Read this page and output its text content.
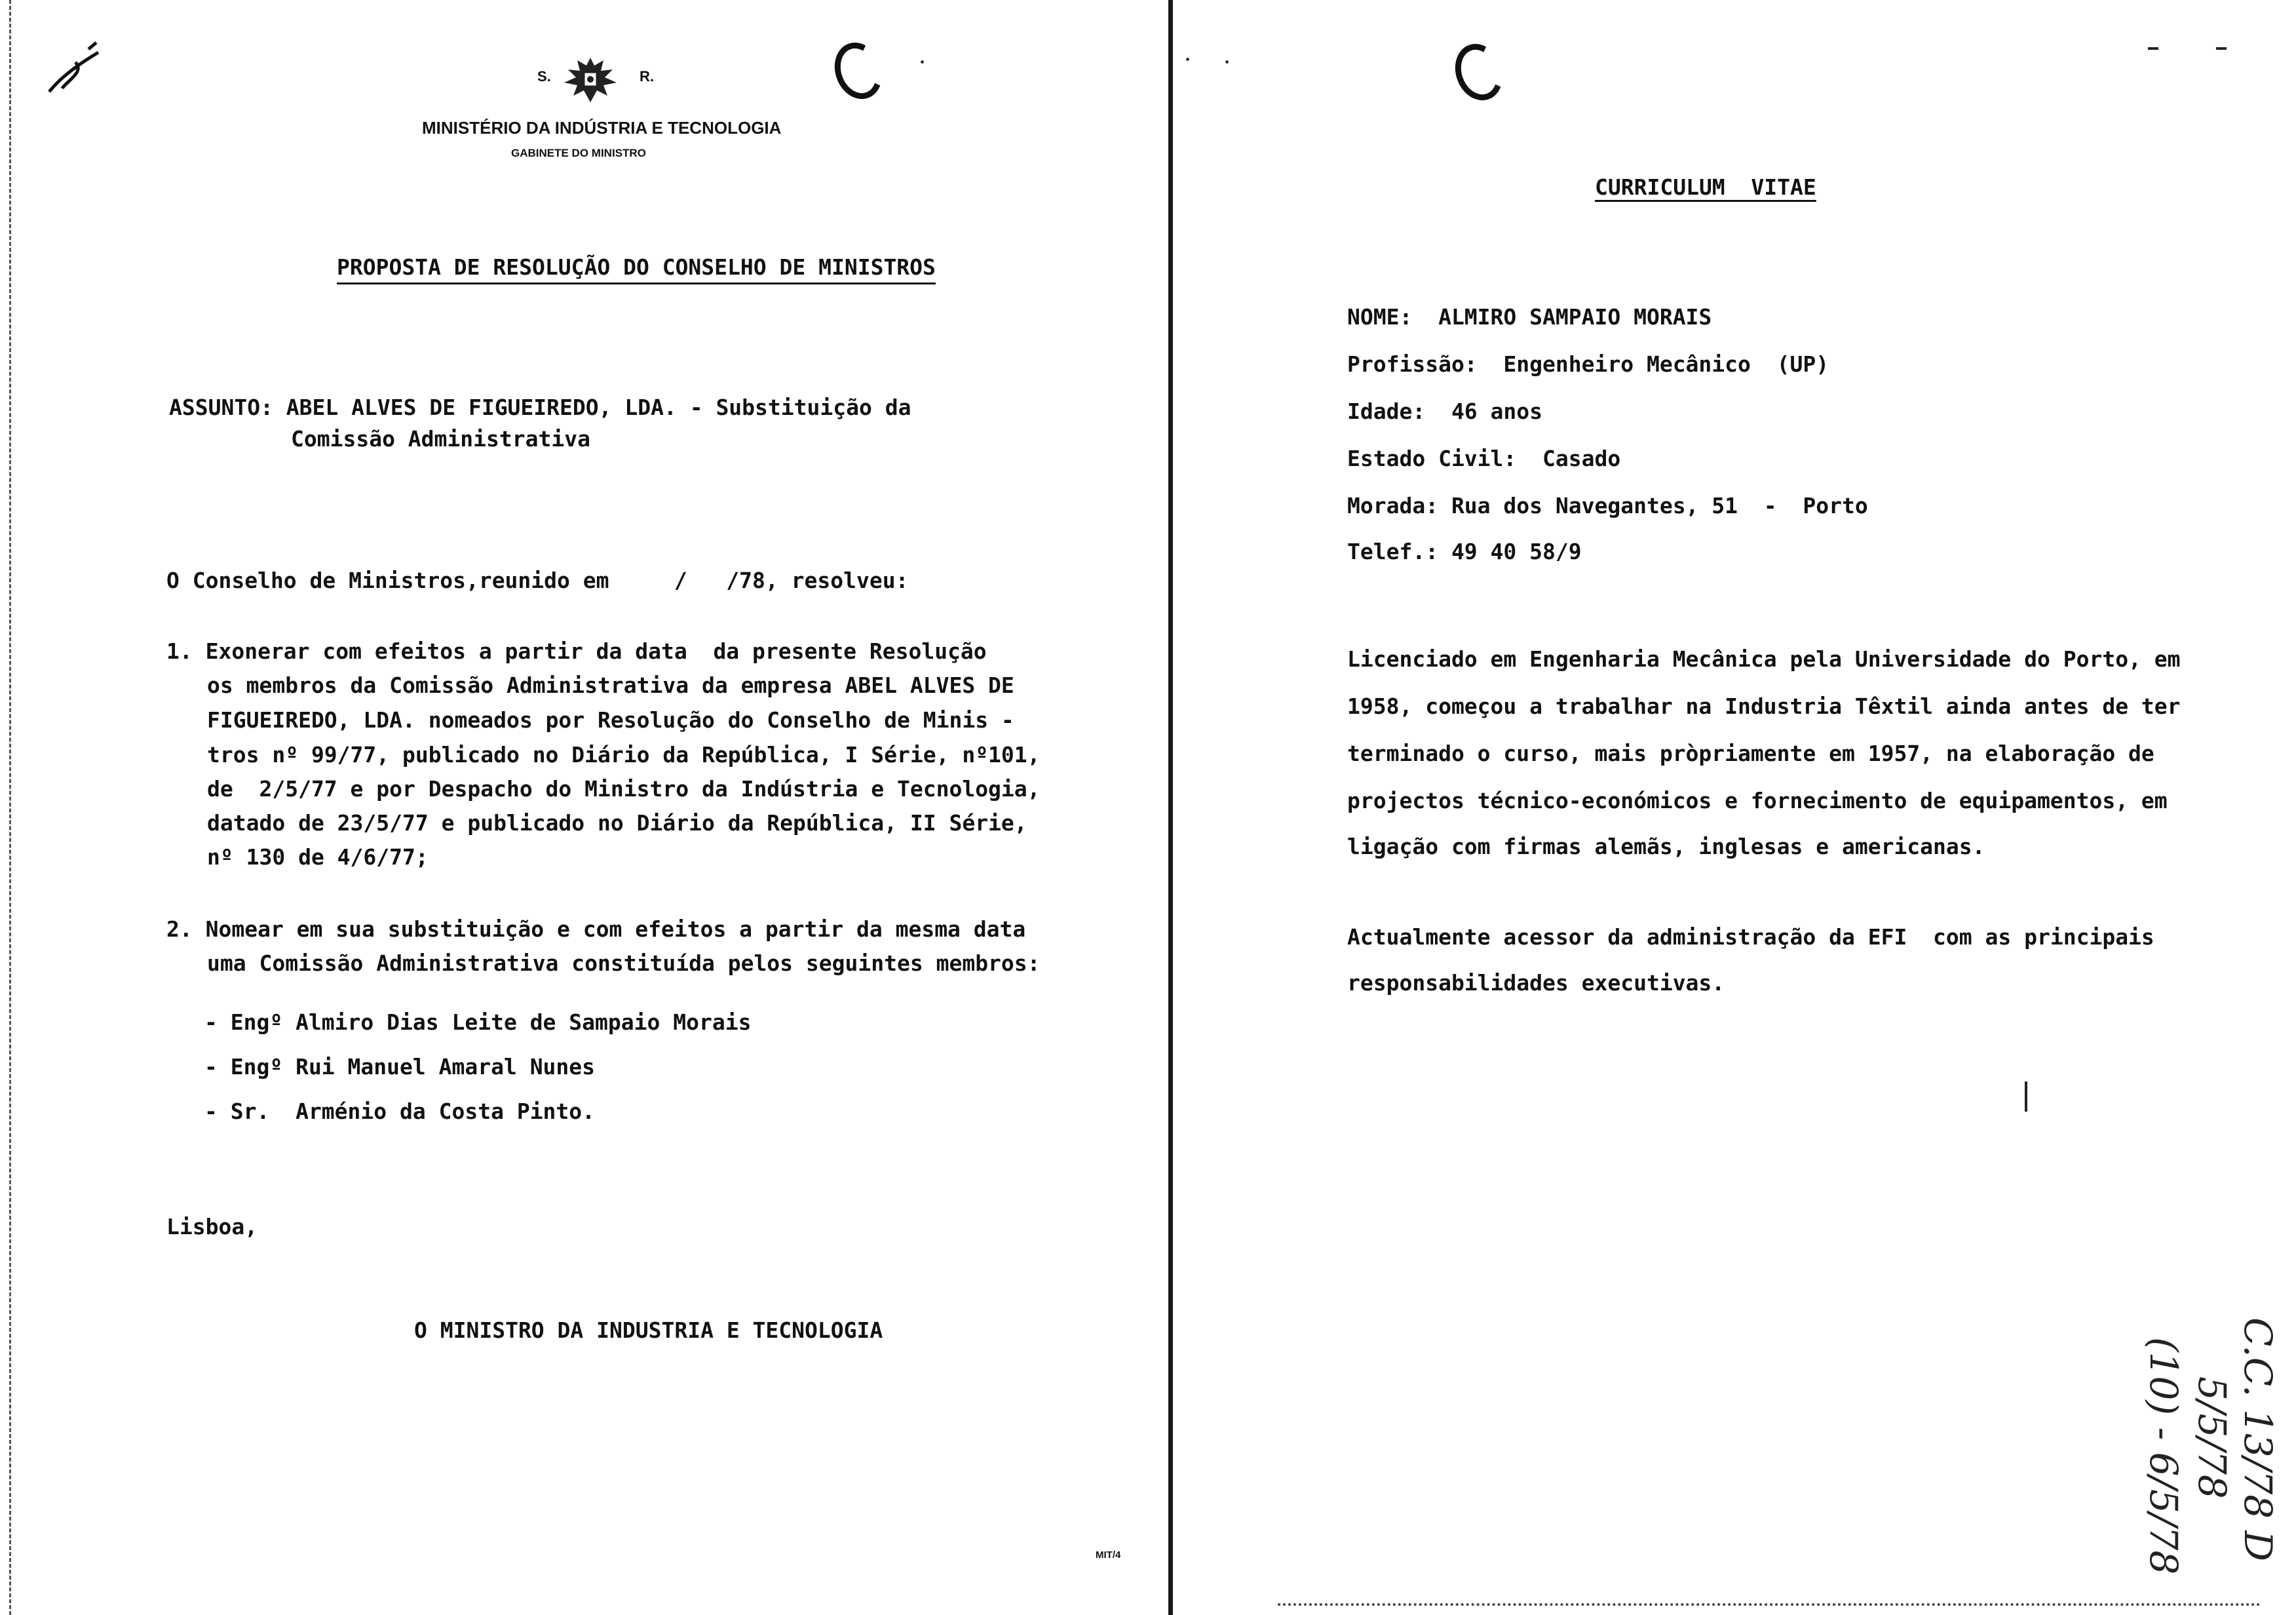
S.	R.
MINISTÉRIO DA INDÚSTRIA E TECNOLOGIA
GABINETE DO MINISTRO
PROPOSTA DE RESOLUÇÃO DO CONSELHO DE MINISTROS
ASSUNTO: ABEL ALVES DE FIGUEIREDO, LDA. - Substituição da
Comissão Administrativa
O Conselho de Ministros,reunido em     /   /78, resolveu:
1. Exonerar com efeitos a partir da data  da presente Resolução
os membros da Comissão Administrativa da empresa ABEL ALVES DE
FIGUEIREDO, LDA. nomeados por Resolução do Conselho de Minis -
tros nº 99/77, publicado no Diário da República, I Série, nº101,
de  2/5/77 e por Despacho do Ministro da Indústria e Tecnologia,
datado de 23/5/77 e publicado no Diário da República, II Série,
nº 130 de 4/6/77;
2. Nomear em sua substituição e com efeitos a partir da mesma data
uma Comissão Administrativa constituída pelos seguintes membros:
- Engº Almiro Dias Leite de Sampaio Morais
- Engº Rui Manuel Amaral Nunes
- Sr.  Arménio da Costa Pinto.
Lisboa,
O MINISTRO DA INDUSTRIA E TECNOLOGIA
MIT/4
CURRICULUM  VITAE
NOME:  ALMIRO SAMPAIO MORAIS
Profissão:  Engenheiro Mecânico  (UP)
Idade:  46 anos
Estado Civil:  Casado
Morada: Rua dos Navegantes, 51  -  Porto
Telef.: 49 40 58/9
Licenciado em Engenharia Mecânica pela Universidade do Porto, em
1958, começou a trabalhar na Industria Têxtil ainda antes de ter
terminado o curso, mais pròpriamente em 1957, na elaboração de
projectos técnico-económicos e fornecimento de equipamentos, em
ligação com firmas alemãs, inglesas e americanas.
Actualmente acessor da administração da EFI  com as principais
responsabilidades executivas.
C.C. 13/78 D
5/5/78
(10) - 6/5/78
